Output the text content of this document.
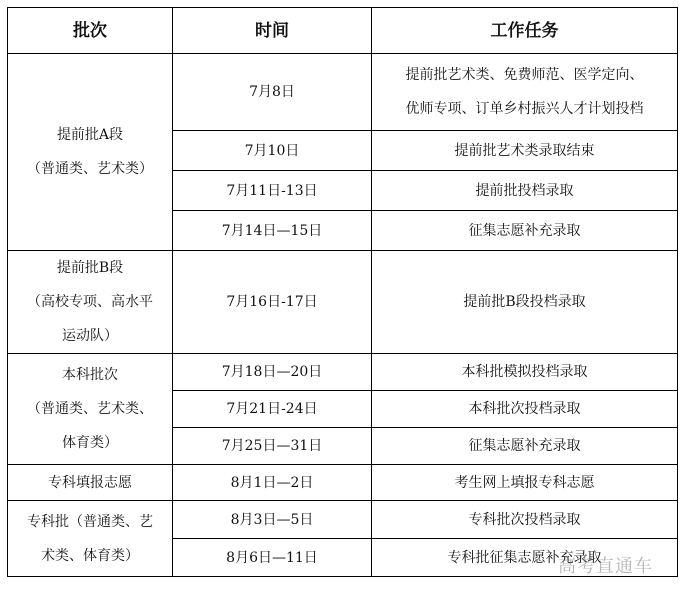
批次	时间	工作任务

提前批A段
（普通类、艺术类）	7月8日	提前批艺术类、免费师范、医学定向、
优师专项、订单乡村振兴人才计划投档

	7月10日	提前批艺术类录取结束
	7月11日-13日	提前批投档录取
	7月14日—15日	征集志愿补充录取

提前批B段
（高校专项、高水平
运动队）	7月16日-17日	提前批B段投档录取

本科批次
（普通类、艺术类、
体育类）	7月18日—20日	本科批模拟投档录取
	7月21日-24日	本科批次投档录取
	7月25日—31日	征集志愿补充录取
专科填报志愿	8月1日—2日	考生网上填报专科志愿

专科批（普通类、艺
术类、体育类）	8月3日—5日	专科批次投档录取
	8月6日—11日	专科批征集志愿补充录取
高考直通车
